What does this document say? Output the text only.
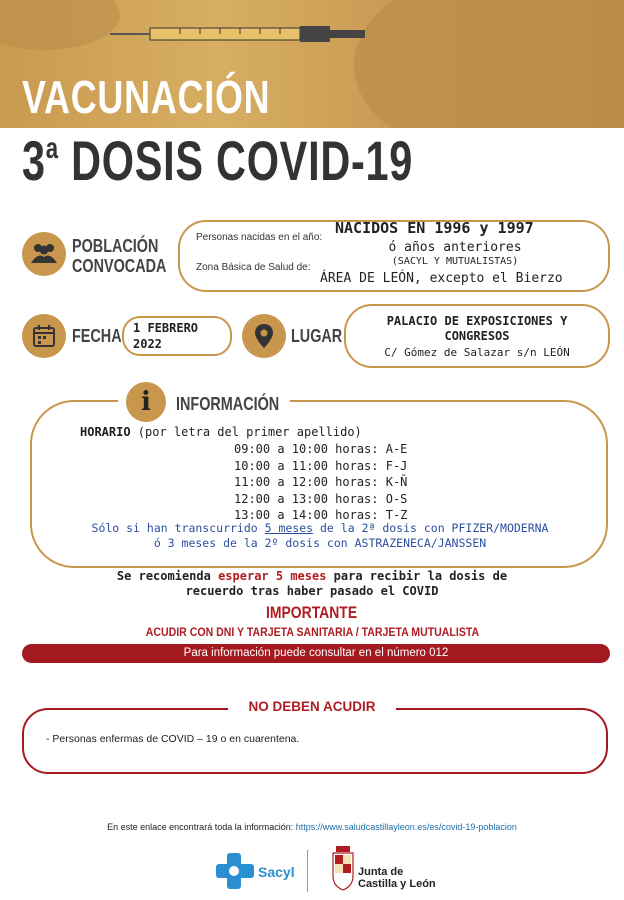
VACUNACIÓN
3$^a$ DOSIS COVID-19
POBLACIÓN
CONVOCADA
Personas nacidas en el año:
Zona Básica de Salud de:
NACIDOS EN 1996 y 1997
ó años anteriores
(SACYL Y MUTUALISTAS)
ÁREA DE LEÓN, excepto el Bierzo
FECHA 1 FEBRERO
2022	LUGAR
PALACIO DE EXPOSICIONES Y
CONGRESOS
C/ Gómez de Salazar s/n LEÓN
i INFORMACIÓN
HORARIO (por letra del primer apellido)
09:00 a 10:00 horas: A-E
10:00 a 11:00 horas: F-J
11:00 a 12:00 horas: K-Ñ
12:00 a 13:00 horas: O-S
13:00 a 14:00 horas: T-Z
Sólo si han transcurrido 5 meses de la 2ª dosis con PFIZER/MODERNA
ó 3 meses de la 2º dosis con ASTRAZENECA/JANSSEN
Se recomienda esperar 5 meses para recibir la dosis de
recuerdo tras haber pasado el COVID
IMPORTANTE
ACUDIR CON DNI Y TARJETA SANITARIA / TARJETA MUTUALISTA
Para información puede consultar en el número 012
NO DEBEN ACUDIR
- Personas enfermas de COVID – 19 o en cuarentena.
En este enlace encontrará toda la información: https://www.saludcastillayleon.es/es/covid-19-poblacion
Sacyl	Junta de
Castilla y León
